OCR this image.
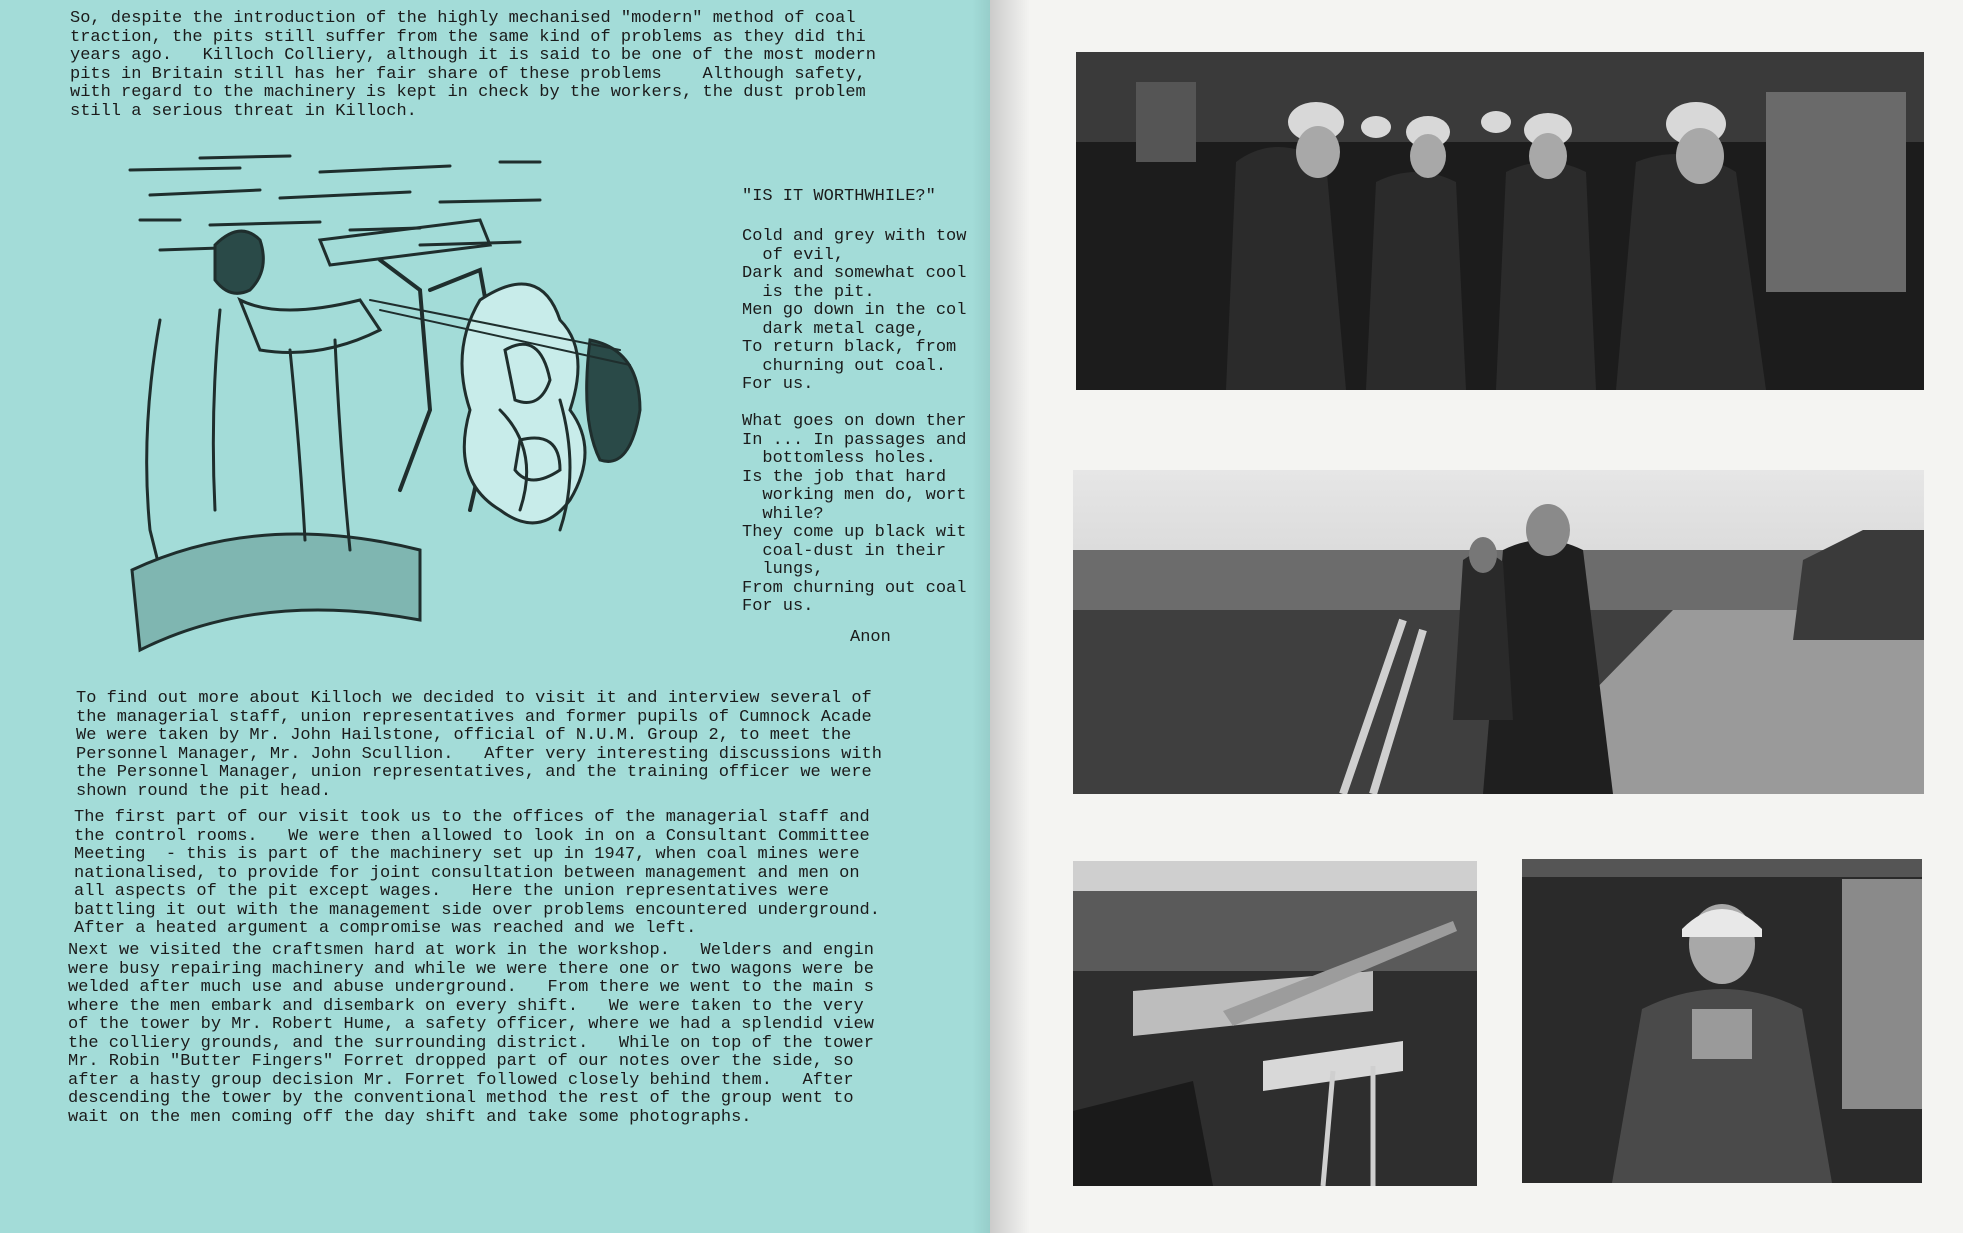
So, despite the introduction of the highly mechanised "modern" method of coal
traction, the pits still suffer from the same kind of problems as they did thi
years ago.   Killoch Colliery, although it is said to be one of the most modern
pits in Britain still has her fair share of these problems    Although safety,
with regard to the machinery is kept in check by the workers, the dust problem
still a serious threat in Killoch.
"IS IT WORTHWHILE?"
Cold and grey with tow
of evil,
Dark and somewhat cool
is the pit.
Men go down in the col
dark metal cage,
To return black, from
churning out coal.
For us.

What goes on down ther
In ... In passages and
bottomless holes.
Is the job that hard
working men do, wort
while?
They come up black wit
coal-dust in their
lungs,
From churning out coal
For us.
Anon
To find out more about Killoch we decided to visit it and interview several of
the managerial staff, union representatives and former pupils of Cumnock Acade
We were taken by Mr. John Hailstone, official of N.U.M. Group 2, to meet the
Personnel Manager, Mr. John Scullion.   After very interesting discussions with
the Personnel Manager, union representatives, and the training officer we were
shown round the pit head.
The first part of our visit took us to the offices of the managerial staff and
the control rooms.   We were then allowed to look in on a Consultant Committee
Meeting  - this is part of the machinery set up in 1947, when coal mines were
nationalised, to provide for joint consultation between management and men on
all aspects of the pit except wages.   Here the union representatives were
battling it out with the management side over problems encountered underground.
After a heated argument a compromise was reached and we left.
Next we visited the craftsmen hard at work in the workshop.   Welders and engin
were busy repairing machinery and while we were there one or two wagons were be
welded after much use and abuse underground.   From there we went to the main s
where the men embark and disembark on every shift.   We were taken to the very
of the tower by Mr. Robert Hume, a safety officer, where we had a splendid view
the colliery grounds, and the surrounding district.   While on top of the tower
Mr. Robin "Butter Fingers" Forret dropped part of our notes over the side, so
after a hasty group decision Mr. Forret followed closely behind them.   After
descending the tower by the conventional method the rest of the group went to
wait on the men coming off the day shift and take some photographs.
